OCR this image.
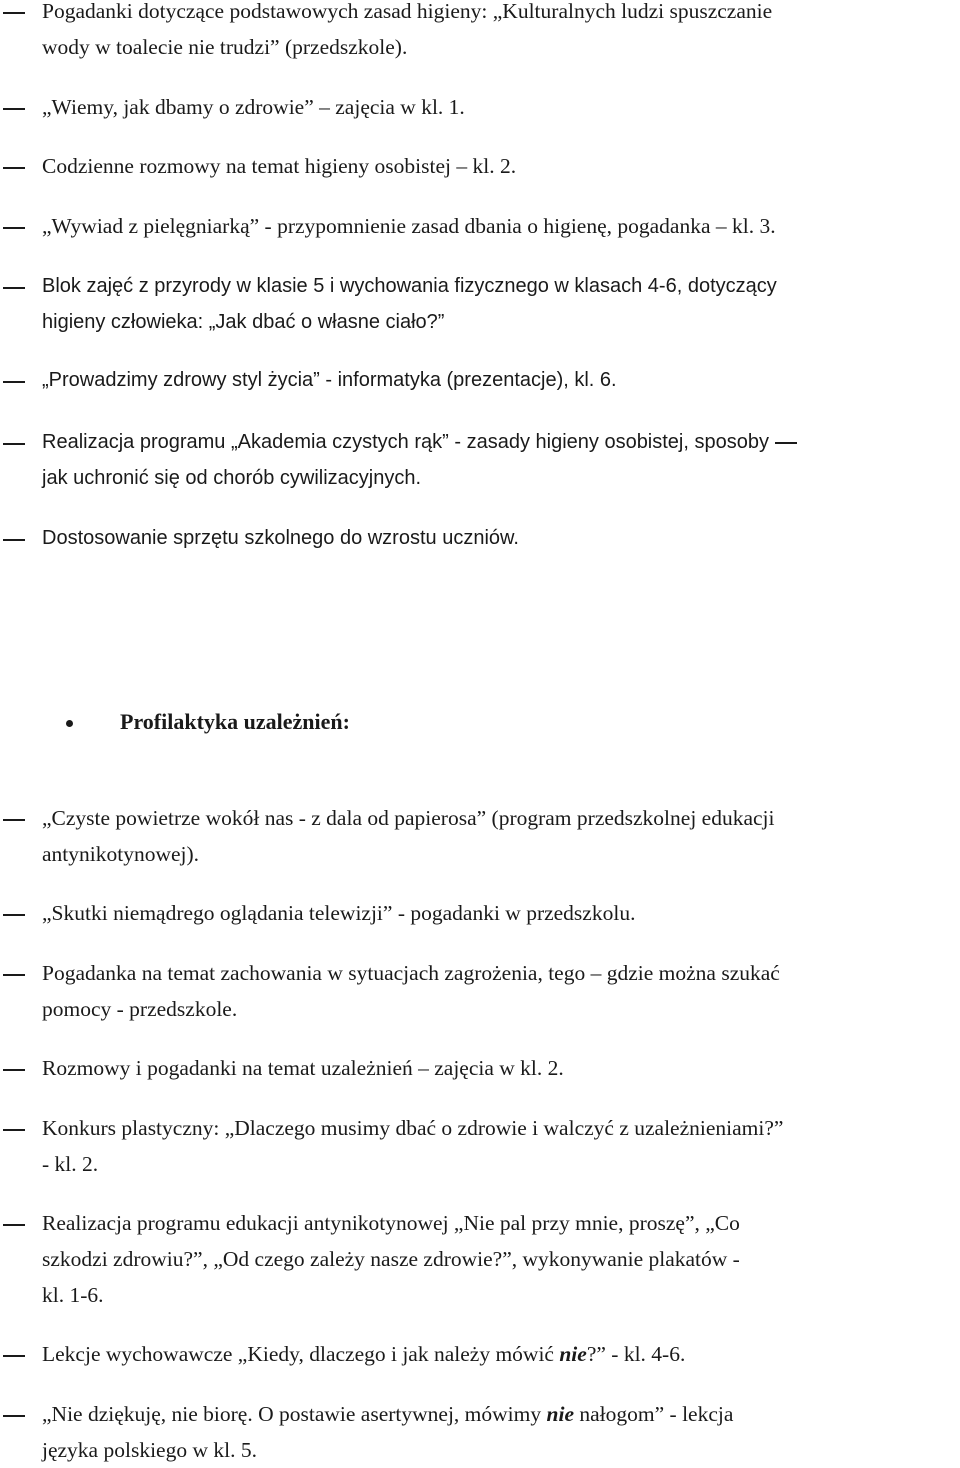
Pogadanki dotyczące podstawowych zasad higieny: „Kulturalnych ludzi spuszczanie
wody w toalecie nie trudzi” (przedszkole).
„Wiemy, jak dbamy o zdrowie” – zajęcia w kl. 1.
Codzienne rozmowy na temat higieny osobistej – kl. 2.
„Wywiad z pielęgniarką” - przypomnienie zasad dbania o higienę, pogadanka – kl. 3.
Blok zajęć z przyrody w klasie 5 i wychowania fizycznego w klasach 4-6, dotyczący
higieny człowieka: „Jak dbać o własne ciało?”
„Prowadzimy zdrowy styl życia” - informatyka (prezentacje), kl. 6.
Realizacja programu „Akademia czystych rąk” - zasady higieny osobistej, sposoby
jak uchronić się od chorób cywilizacyjnych.
Dostosowanie sprzętu szkolnego do wzrostu uczniów.
Profilaktyka uzależnień:
„Czyste powietrze wokół nas - z dala od papierosa” (program przedszkolnej edukacji
antynikotynowej).
„Skutki niemądrego oglądania telewizji” - pogadanki w przedszkolu.
Pogadanka na temat zachowania w sytuacjach zagrożenia, tego – gdzie można szukać
pomocy - przedszkole.
Rozmowy i pogadanki na temat uzależnień – zajęcia w kl. 2.
Konkurs plastyczny: „Dlaczego musimy dbać o zdrowie i walczyć z uzależnieniami?”
- kl. 2.
Realizacja programu edukacji antynikotynowej „Nie pal przy mnie, proszę”, „Co
szkodzi zdrowiu?”, „Od czego zależy nasze zdrowie?”, wykonywanie plakatów -
kl. 1-6.
Lekcje wychowawcze „Kiedy, dlaczego i jak należy mówić nie?” - kl. 4-6.
„Nie dziękuję, nie biorę. O postawie asertywnej, mówimy nie nałogom” - lekcja
języka polskiego w kl. 5.
